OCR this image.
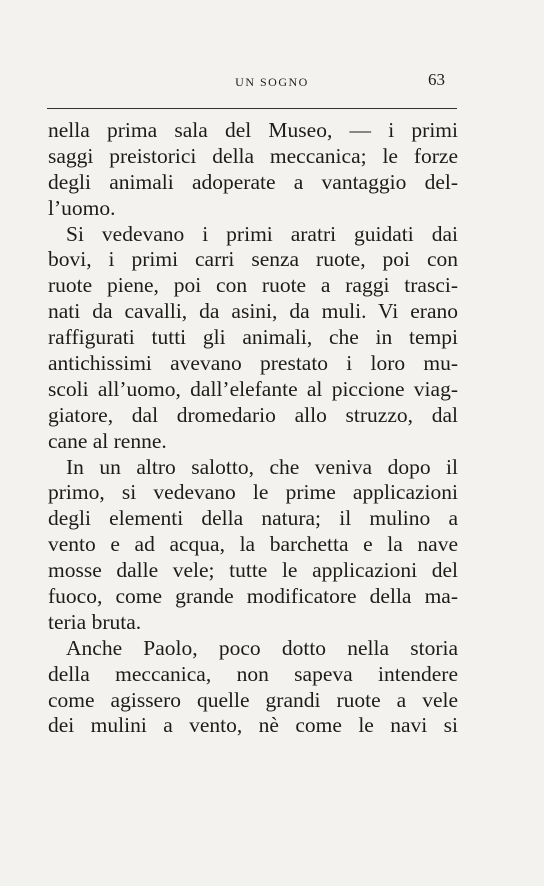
UN SOGNO	63
nella prima sala del Museo, — i primi
saggi preistorici della meccanica; le forze
degli animali adoperate a vantaggio del-
l’uomo.
Si vedevano i primi aratri guidati dai
bovi, i primi carri senza ruote, poi con
ruote piene, poi con ruote a raggi trasci-
nati da cavalli, da asini, da muli. Vi erano
raffigurati tutti gli animali, che in tempi
antichissimi avevano prestato i loro mu-
scoli all’uomo, dall’elefante al piccione viag-
giatore, dal dromedario allo struzzo, dal
cane al renne.
In un altro salotto, che veniva dopo il
primo, si vedevano le prime applicazioni
degli elementi della natura; il mulino a
vento e ad acqua, la barchetta e la nave
mosse dalle vele; tutte le applicazioni del
fuoco, come grande modificatore della ma-
teria bruta.
Anche Paolo, poco dotto nella storia
della meccanica, non sapeva intendere
come agissero quelle grandi ruote a vele
dei mulini a vento, nè come le navi si
